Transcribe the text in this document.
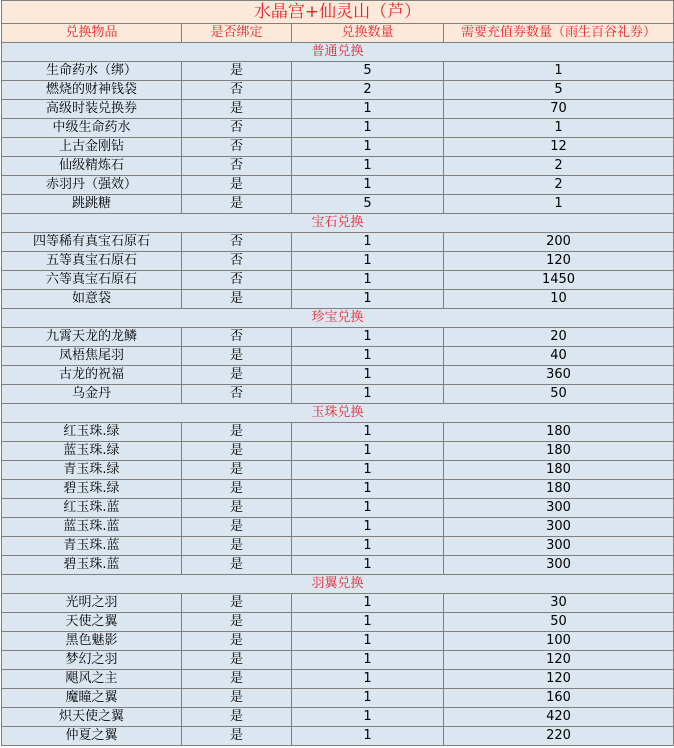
水晶宫+仙灵山（芦）			
兑换物品	是否绑定	兑换数量	需要充值券数量（雨生百谷礼券）
普通兑换			
生命药水（绑）	是	5	1
燃烧的财神钱袋	否	2	5
高级时装兑换券	是	1	70
中级生命药水	否	1	1
上古金刚钻	否	1	12
仙级精炼石	否	1	2
赤羽丹（强效）	是	1	2
跳跳糖	是	5	1
宝石兑换			
四等稀有真宝石原石	否	1	200
五等真宝石原石	否	1	120
六等真宝石原石	否	1	1450
如意袋	是	1	10
珍宝兑换			
九霄天龙的龙鳞	否	1	20
凤梧焦尾羽	是	1	40
古龙的祝福	是	1	360
乌金丹	否	1	50
玉珠兑换			
红玉珠.绿	是	1	180
蓝玉珠.绿	是	1	180
青玉珠.绿	是	1	180
碧玉珠.绿	是	1	180
红玉珠.蓝	是	1	300
蓝玉珠.蓝	是	1	300
青玉珠.蓝	是	1	300
碧玉珠.蓝	是	1	300
羽翼兑换			
光明之羽	是	1	30
天使之翼	是	1	50
黑色魅影	是	1	100
梦幻之羽	是	1	120
飓风之主	是	1	120
魔瞳之翼	是	1	160
炽天使之翼	是	1	420
仲夏之翼	是	1	220
